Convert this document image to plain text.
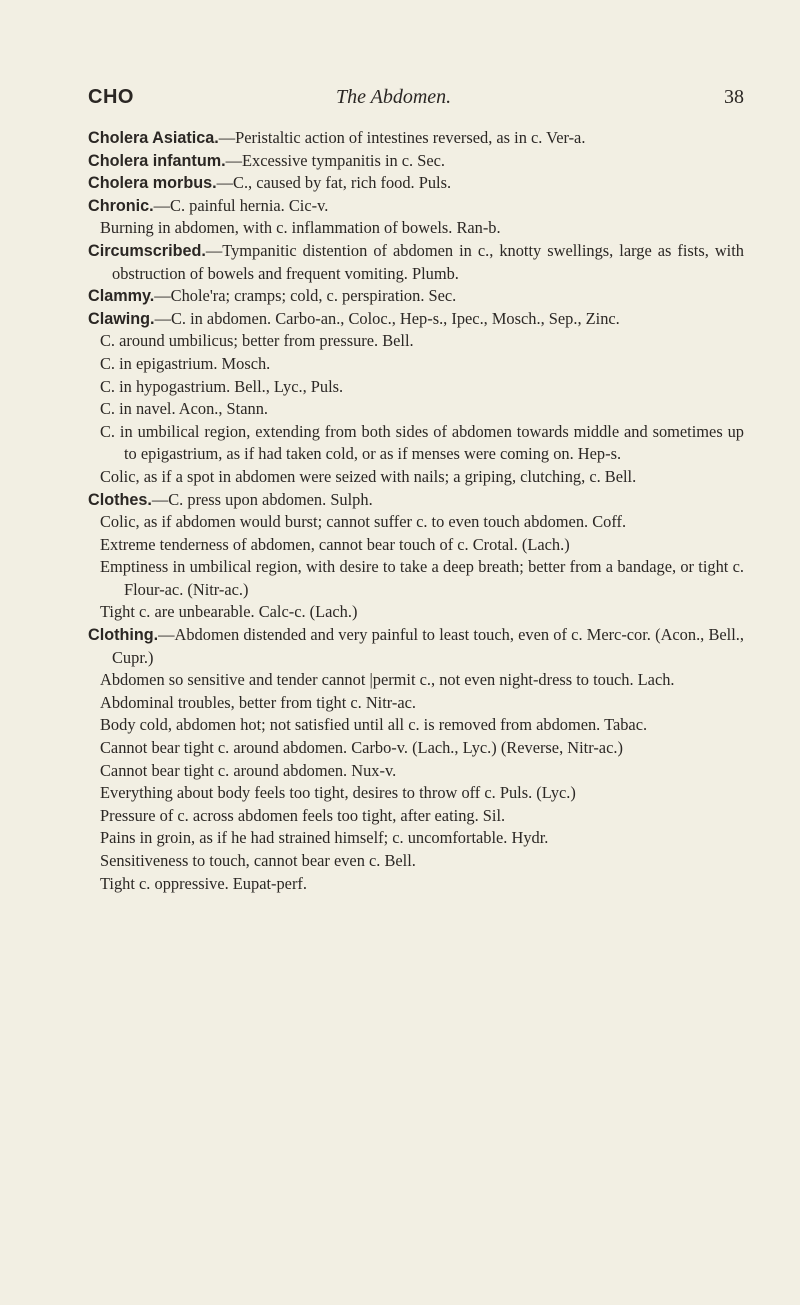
CHO	The Abdomen.	38

Cholera Asiatica.—Peristaltic action of intestines reversed, as in c. Ver-a.

Cholera infantum.—Excessive tympanitis in c. Sec.

Cholera morbus.—C., caused by fat, rich food. Puls.

Chronic.—C. painful hernia. Cic-v.

Burning in abdomen, with c. inflammation of bowels. Ran-b.

Circumscribed.—Tympanitic distention of abdomen in c., knotty swellings, large as fists, with obstruction of bowels and frequent vomiting. Plumb.

Clammy.—Chole'ra; cramps; cold, c. perspiration. Sec.

Clawing.—C. in abdomen. Carbo-an., Coloc., Hep-s., Ipec., Mosch., Sep., Zinc.

C. around umbilicus; better from pressure. Bell.

C. in epigastrium. Mosch.

C. in hypogastrium. Bell., Lyc., Puls.

C. in navel. Acon., Stann.

C. in umbilical region, extending from both sides of abdomen towards middle and sometimes up to epigastrium, as if had taken cold, or as if menses were coming on. Hep-s.

Colic, as if a spot in abdomen were seized with nails; a griping, clutching, c. Bell.

Clothes.—C. press upon abdomen. Sulph.

Colic, as if abdomen would burst; cannot suffer c. to even touch abdomen. Coff.

Extreme tenderness of abdomen, cannot bear touch of c. Crotal. (Lach.)

Emptiness in umbilical region, with desire to take a deep breath; better from a bandage, or tight c. Flour-ac. (Nitr-ac.)

Tight c. are unbearable. Calc-c. (Lach.)

Clothing.—Abdomen distended and very painful to least touch, even of c. Merc-cor. (Acon., Bell., Cupr.)

Abdomen so sensitive and tender cannot |permit c., not even night-dress to touch. Lach.

Abdominal troubles, better from tight c. Nitr-ac.

Body cold, abdomen hot; not satisfied until all c. is removed from abdomen. Tabac.

Cannot bear tight c. around abdomen. Carbo-v. (Lach., Lyc.) (Reverse, Nitr-ac.)

Cannot bear tight c. around abdomen. Nux-v.

Everything about body feels too tight, desires to throw off c. Puls. (Lyc.)

Pressure of c. across abdomen feels too tight, after eating. Sil.

Pains in groin, as if he had strained himself; c. uncomfortable. Hydr.

Sensitiveness to touch, cannot bear even c. Bell.

Tight c. oppressive. Eupat-perf.
